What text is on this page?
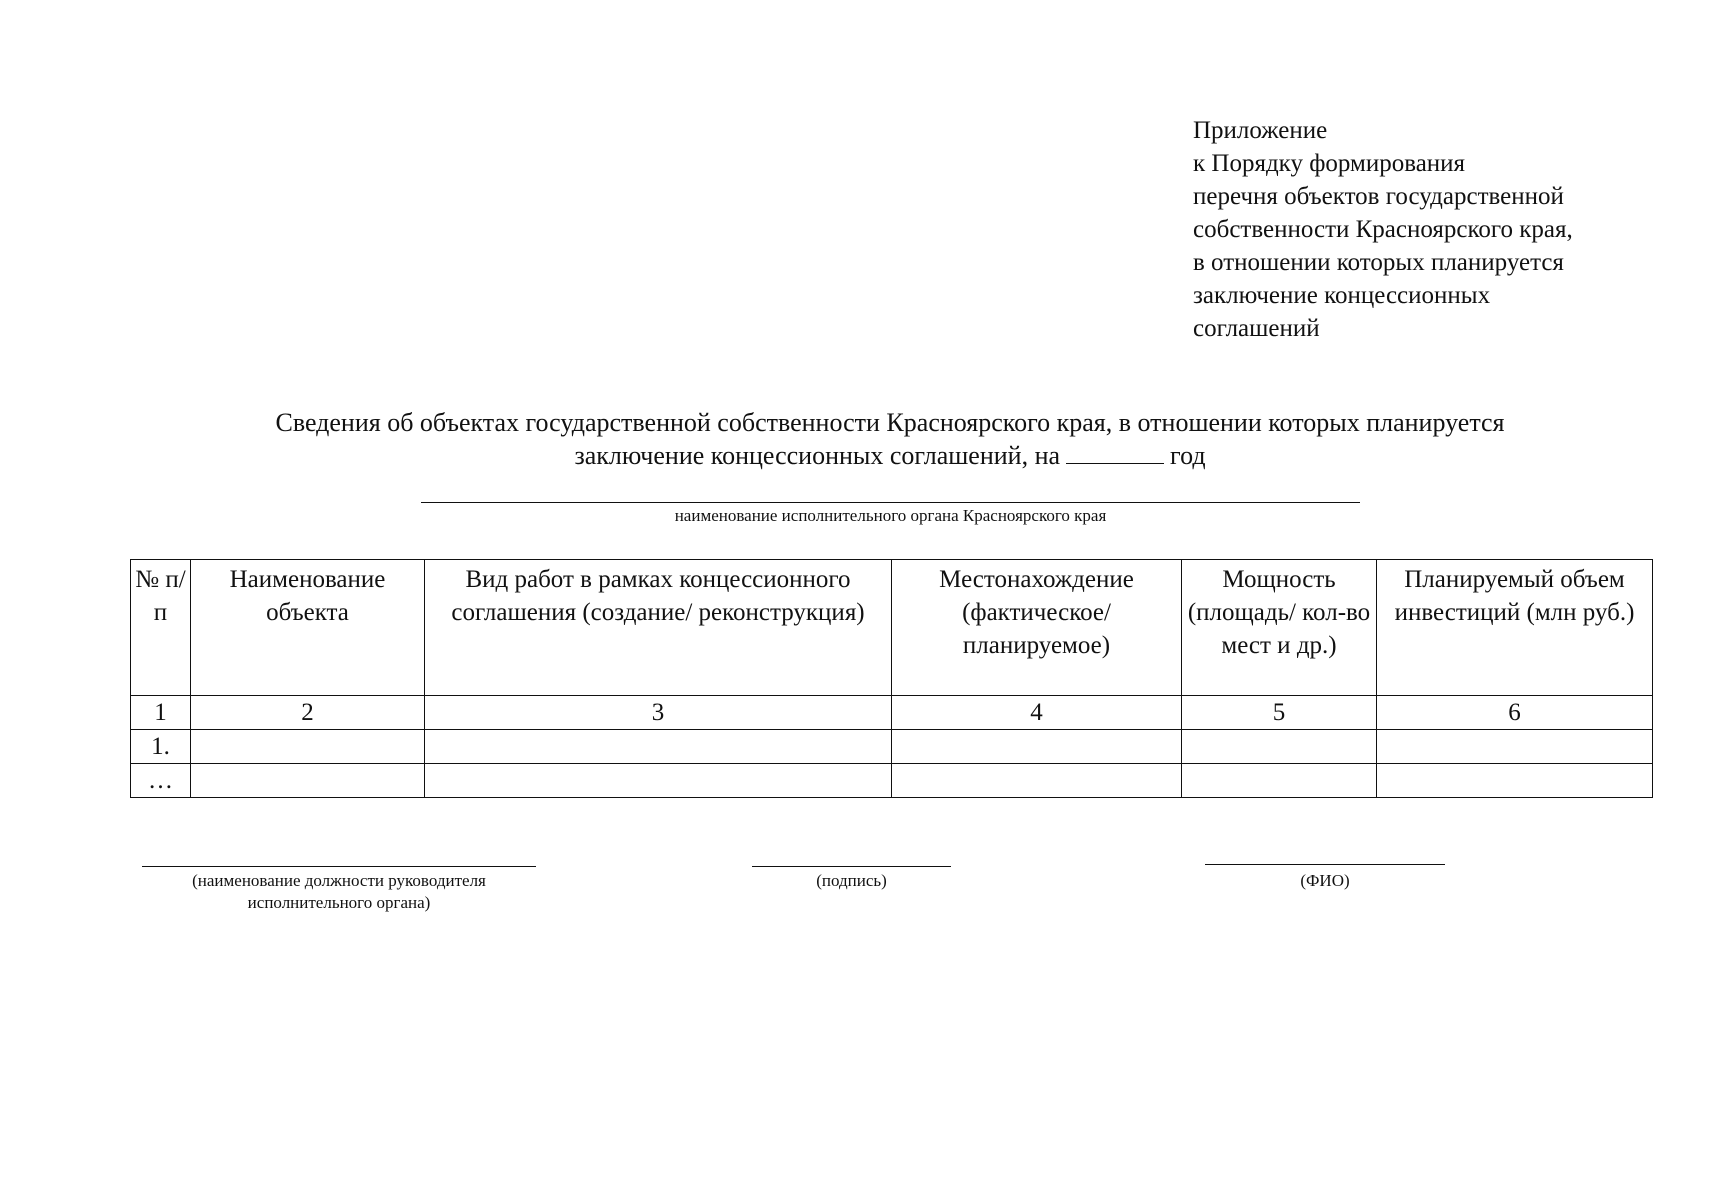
Приложение
к Порядку формирования
перечня объектов государственной
собственности Красноярского края,
в отношении которых планируется
заключение концессионных
соглашений
Сведения об объектах государственной собственности Красноярского края, в отношении которых планируется
заключение концессионных соглашений, на	год
наименование исполнительного органа Красноярского края
№ п/п	Наименование объекта	Вид работ в рамках концессионного соглашения (создание/ реконструкция)	Местонахождение (фактическое/ планируемое)	Мощность (площадь/ кол-во мест и др.)	Планируемый объем инвестиций (млн руб.)
1	2	3	4	5	6
1.					
…					
(наименование должности руководителя
исполнительного органа)
(подпись)	(ФИО)
